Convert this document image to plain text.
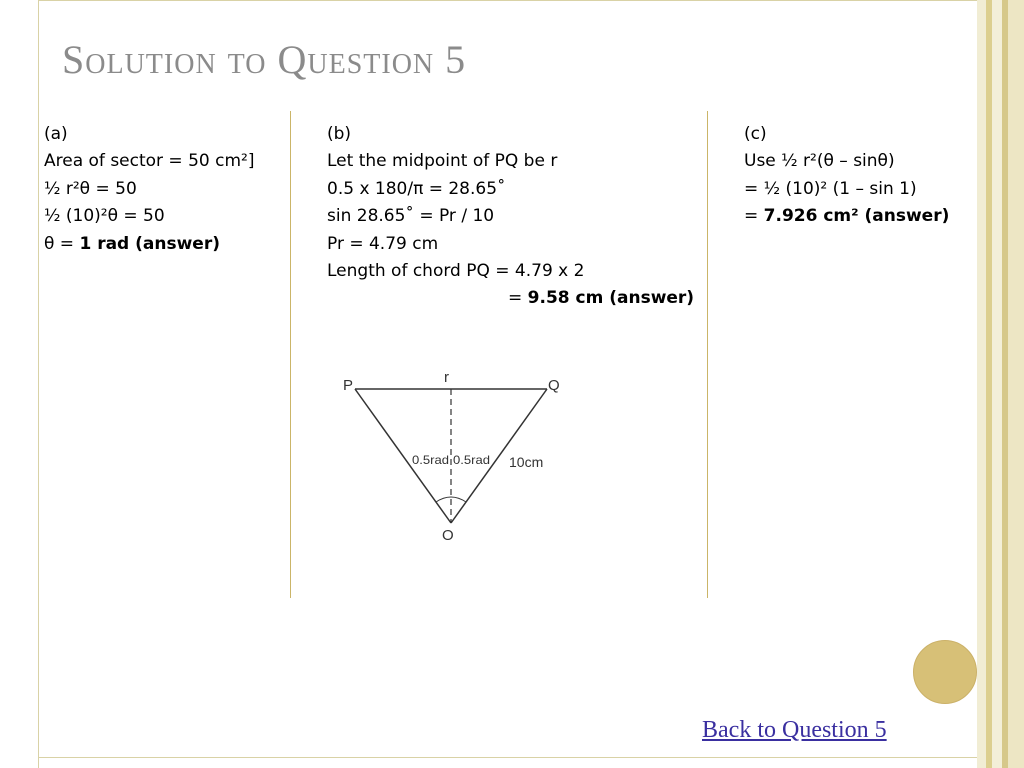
Solution to Question 5
(a)
Area of sector = 50 cm²]
½ r²θ = 50
½ (10)²θ = 50
θ = 1 rad (answer)
(b)
Let the midpoint of PQ be r
0.5 x 180/π = 28.65˚
sin 28.65˚ = Pr / 10
Pr = 4.79 cm
Length of chord PQ = 4.79 x 2
= 9.58 cm (answer)
(c)
Use ½ r²(θ – sinθ)
= ½ (10)² (1 – sin 1)
= 7.926 cm² (answer)
P	Q
r
O
0.5rad 0.5rad 10cm
Back to Question 5
